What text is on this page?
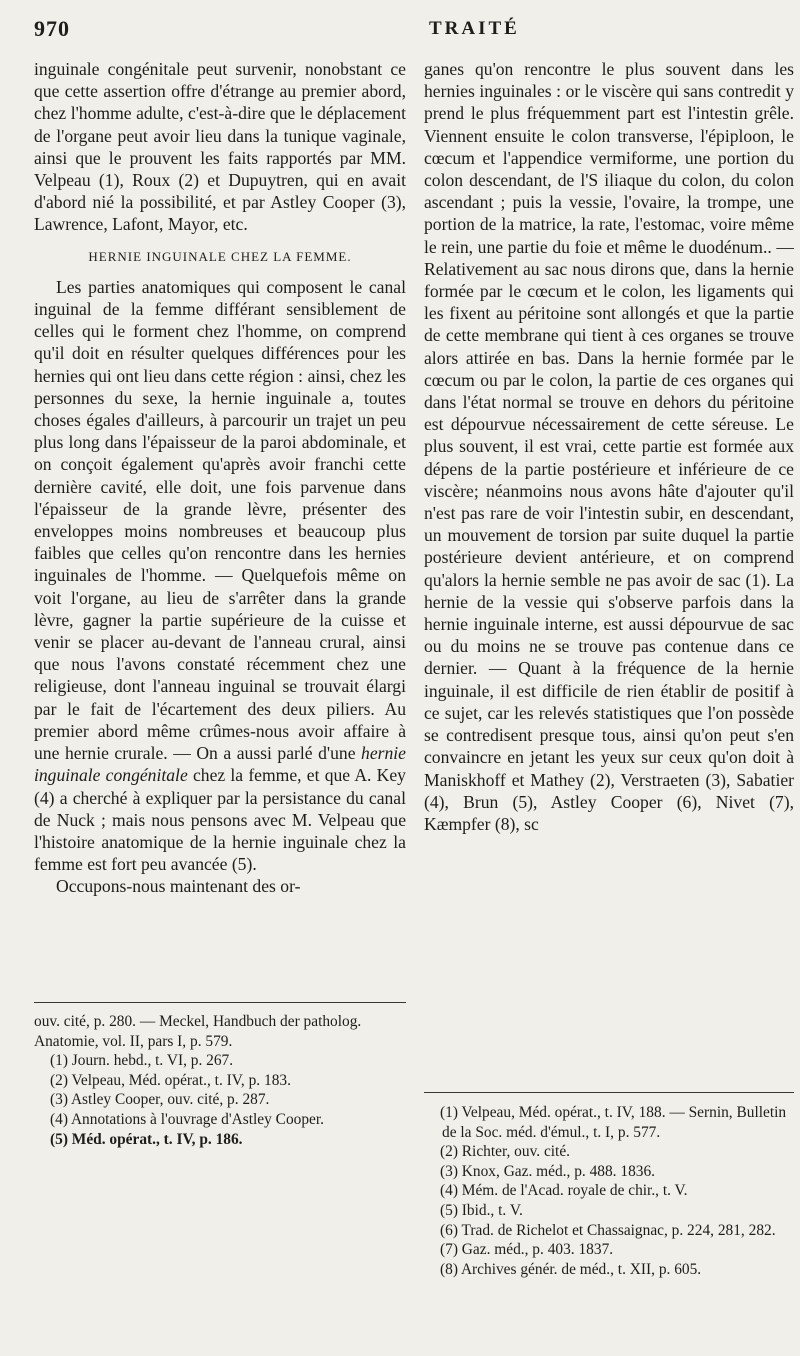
970	TRAITÉ

inguinale congénitale peut survenir, nonobstant ce que cette assertion offre d'étrange au premier abord, chez l'homme adulte, c'est-à-dire que le déplacement de l'organe peut avoir lieu dans la tunique vaginale, ainsi que le prouvent les faits rapportés par MM. Velpeau (1), Roux (2) et Dupuytren, qui en avait d'abord nié la possibilité, et par Astley Cooper (3), Lawrence, Lafont, Mayor, etc.

HERNIE INGUINALE CHEZ LA FEMME.

Les parties anatomiques qui composent le canal inguinal de la femme différant sensiblement de celles qui le forment chez l'homme, on comprend qu'il doit en résulter quelques différences pour les hernies qui ont lieu dans cette région : ainsi, chez les personnes du sexe, la hernie inguinale a, toutes choses égales d'ailleurs, à parcourir un trajet un peu plus long dans l'épaisseur de la paroi abdominale, et on conçoit également qu'après avoir franchi cette dernière cavité, elle doit, une fois parvenue dans l'épaisseur de la grande lèvre, présenter des enveloppes moins nombreuses et beaucoup plus faibles que celles qu'on rencontre dans les hernies inguinales de l'homme. — Quelquefois même on voit l'organe, au lieu de s'arrêter dans la grande lèvre, gagner la partie supérieure de la cuisse et venir se placer au-devant de l'anneau crural, ainsi que nous l'avons constaté récemment chez une religieuse, dont l'anneau inguinal se trouvait élargi par le fait de l'écartement des deux piliers. Au premier abord même crûmes-nous avoir affaire à une hernie crurale. — On a aussi parlé d'une hernie inguinale congénitale chez la femme, et que A. Key (4) a cherché à expliquer par la persistance du canal de Nuck ; mais nous pensons avec M. Velpeau que l'histoire anatomique de la hernie inguinale chez la femme est fort peu avancée (5).

Occupons-nous maintenant des or-

ouv. cité, p. 280. — Meckel, Handbuch der patholog. Anatomie, vol. II, pars I, p. 579.

(1) Journ. hebd., t. VI, p. 267.

(2) Velpeau, Méd. opérat., t. IV, p. 183.

(3) Astley Cooper, ouv. cité, p. 287.

(4) Annotations à l'ouvrage d'Astley Cooper.

(5) Méd. opérat., t. IV, p. 186.

ganes qu'on rencontre le plus souvent dans les hernies inguinales : or le viscère qui sans contredit y prend le plus fréquemment part est l'intestin grêle. Viennent ensuite le colon transverse, l'épiploon, le cœcum et l'appendice vermiforme, une portion du colon descendant, de l'S iliaque du colon, du colon ascendant ; puis la vessie, l'ovaire, la trompe, une portion de la matrice, la rate, l'estomac, voire même le rein, une partie du foie et même le duodénum.. — Relativement au sac nous dirons que, dans la hernie formée par le cœcum et le colon, les ligaments qui les fixent au péritoine sont allongés et que la partie de cette membrane qui tient à ces organes se trouve alors attirée en bas. Dans la hernie formée par le cœcum ou par le colon, la partie de ces organes qui dans l'état normal se trouve en dehors du péritoine est dépourvue nécessairement de cette séreuse. Le plus souvent, il est vrai, cette partie est formée aux dépens de la partie postérieure et inférieure de ce viscère; néanmoins nous avons hâte d'ajouter qu'il n'est pas rare de voir l'intestin subir, en descendant, un mouvement de torsion par suite duquel la partie postérieure devient antérieure, et on comprend qu'alors la hernie semble ne pas avoir de sac (1). La hernie de la vessie qui s'observe parfois dans la hernie inguinale interne, est aussi dépourvue de sac ou du moins ne se trouve pas contenue dans ce dernier. — Quant à la fréquence de la hernie inguinale, il est difficile de rien établir de positif à ce sujet, car les relevés statistiques que l'on possède se contredisent presque tous, ainsi qu'on peut s'en convaincre en jetant les yeux sur ceux qu'on doit à Maniskhoff et Mathey (2), Verstraeten (3), Sabatier (4), Brun (5), Astley Cooper (6), Nivet (7), Kæmpfer (8), sc

(1) Velpeau, Méd. opérat., t. IV, 188. — Sernin, Bulletin de la Soc. méd. d'émul., t. I, p. 577.

(2) Richter, ouv. cité.

(3) Knox, Gaz. méd., p. 488. 1836.

(4) Mém. de l'Acad. royale de chir., t. V.

(5) Ibid., t. V.

(6) Trad. de Richelot et Chassaignac, p. 224, 281, 282.

(7) Gaz. méd., p. 403. 1837.

(8) Archives génér. de méd., t. XII, p. 605.
